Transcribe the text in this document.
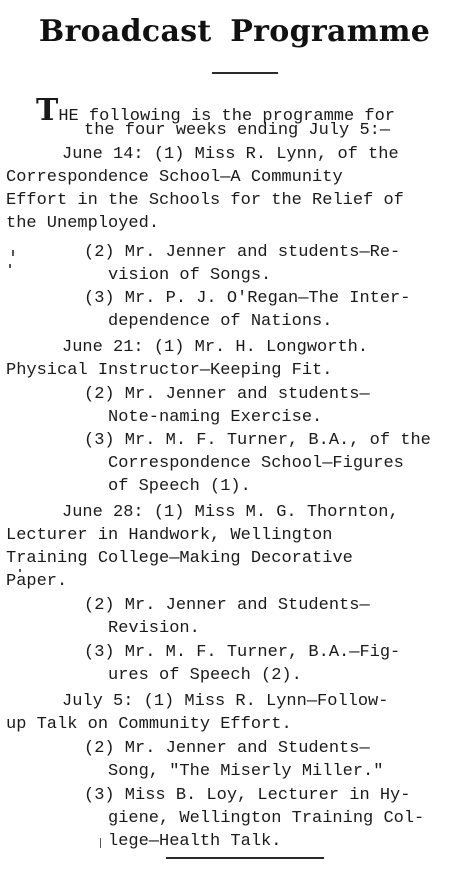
Broadcast Programme
THE following is the programme for
the four weeks ending July 5:—
June 14: (1) Miss R. Lynn, of the
Correspondence School—A Community
Effort in the Schools for the Relief of
the Unemployed.
(2) Mr. Jenner and students—Re-
vision of Songs.
(3) Mr. P. J. O'Regan—The Inter-
dependence of Nations.
June 21: (1) Mr. H. Longworth.
Physical Instructor—Keeping Fit.
(2) Mr. Jenner and students—
Note-naming Exercise.
(3) Mr. M. F. Turner, B.A., of the
Correspondence School—Figures
of Speech (1).
June 28: (1) Miss M. G. Thornton,
Lecturer in Handwork, Wellington
Training College—Making Decorative
Paper.
(2) Mr. Jenner and Students—
Revision.
(3) Mr. M. F. Turner, B.A.—Fig-
ures of Speech (2).
July 5: (1) Miss R. Lynn—Follow-
up Talk on Community Effort.
(2) Mr. Jenner and Students—
Song, "The Miserly Miller."
(3) Miss B. Loy, Lecturer in Hy-
giene, Wellington Training Col-
lege—Health Talk.
